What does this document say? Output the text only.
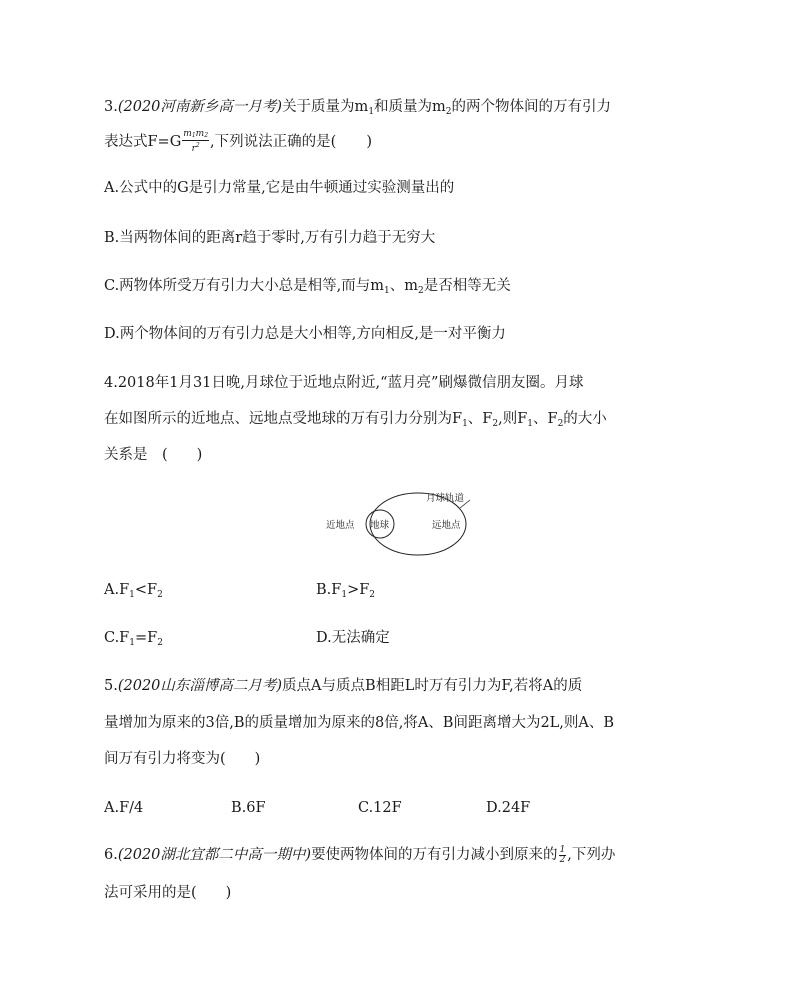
3.(2020河南新乡高一月考)关于质量为$m_1$和质量为$m_2$的两个物体间的万有引力
表达式$F=G \frac{m_1m_2}{r^2}$ ,下列说法正确的是( )
A.公式中的G是引力常量,它是由牛顿通过实验测量出的
B.当两物体间的距离r趋于零时,万有引力趋于无穷大
C.两物体所受万有引力大小总是相等,而与$m_1$、$m_2$是否相等无关
D.两个物体间的万有引力总是大小相等,方向相反,是一对平衡力
4.2018年1月31日晚,月球位于近地点附近,“蓝月亮”刷爆微信朋友圈。月球
在如图所示的近地点、远地点受地球的万有引力分别为$F_1$、$F_2$,则$F_1$、$F_2$的大小
关系是　(　　)
月球轨道
近地点	远地点
地球
$A.F_1<F_2$	$B.F_1>F_2$
$C.F_1=F_2$	D.无法确定
5.(2020山东淄博高二月考)质点A与质点B相距L时万有引力为F,若将A的质
量增加为原来的3倍,B的质量增加为原来的8倍,将A、B间距离增大为2L,则A、B
间万有引力将变为(　　)
A.F/4	B.6F	C.12F	D.24F
6.(2020湖北宜都二中高一期中)要使两物体间的万有引力减小到原来的 $\frac{1}{2}$ ,下列办
法可采用的是(　　)
